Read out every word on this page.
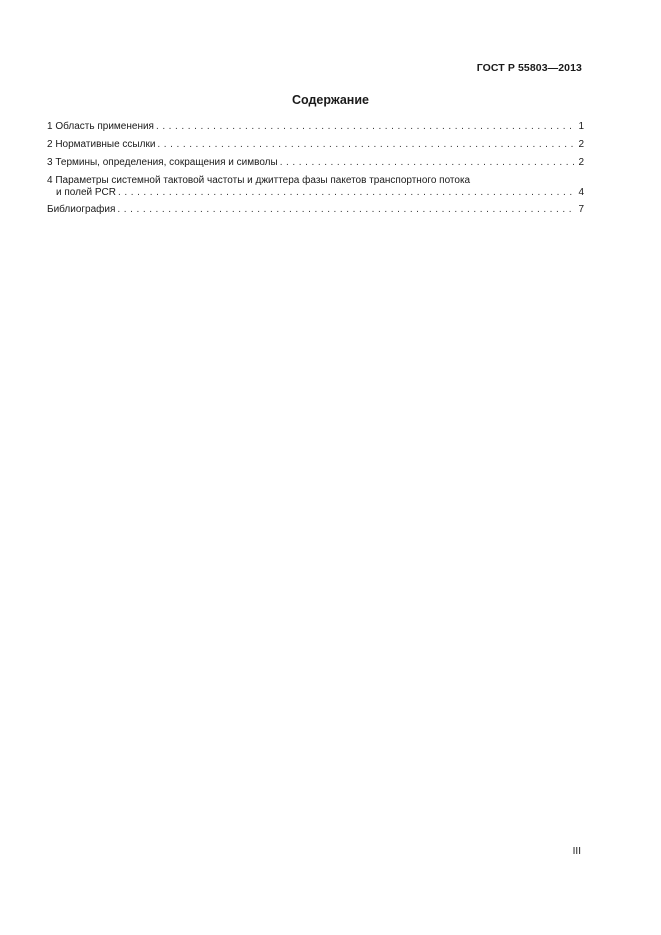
ГОСТ Р 55803—2013
Содержание
1 Область применения . . .	1
2 Нормативные ссылки . . .	2
3 Термины, определения, сокращения и символы . . .	2
4 Параметры системной тактовой частоты и джиттера фазы пакетов транспортного потока
и полей PCR . . .	4
Библиография . . .	7
III
